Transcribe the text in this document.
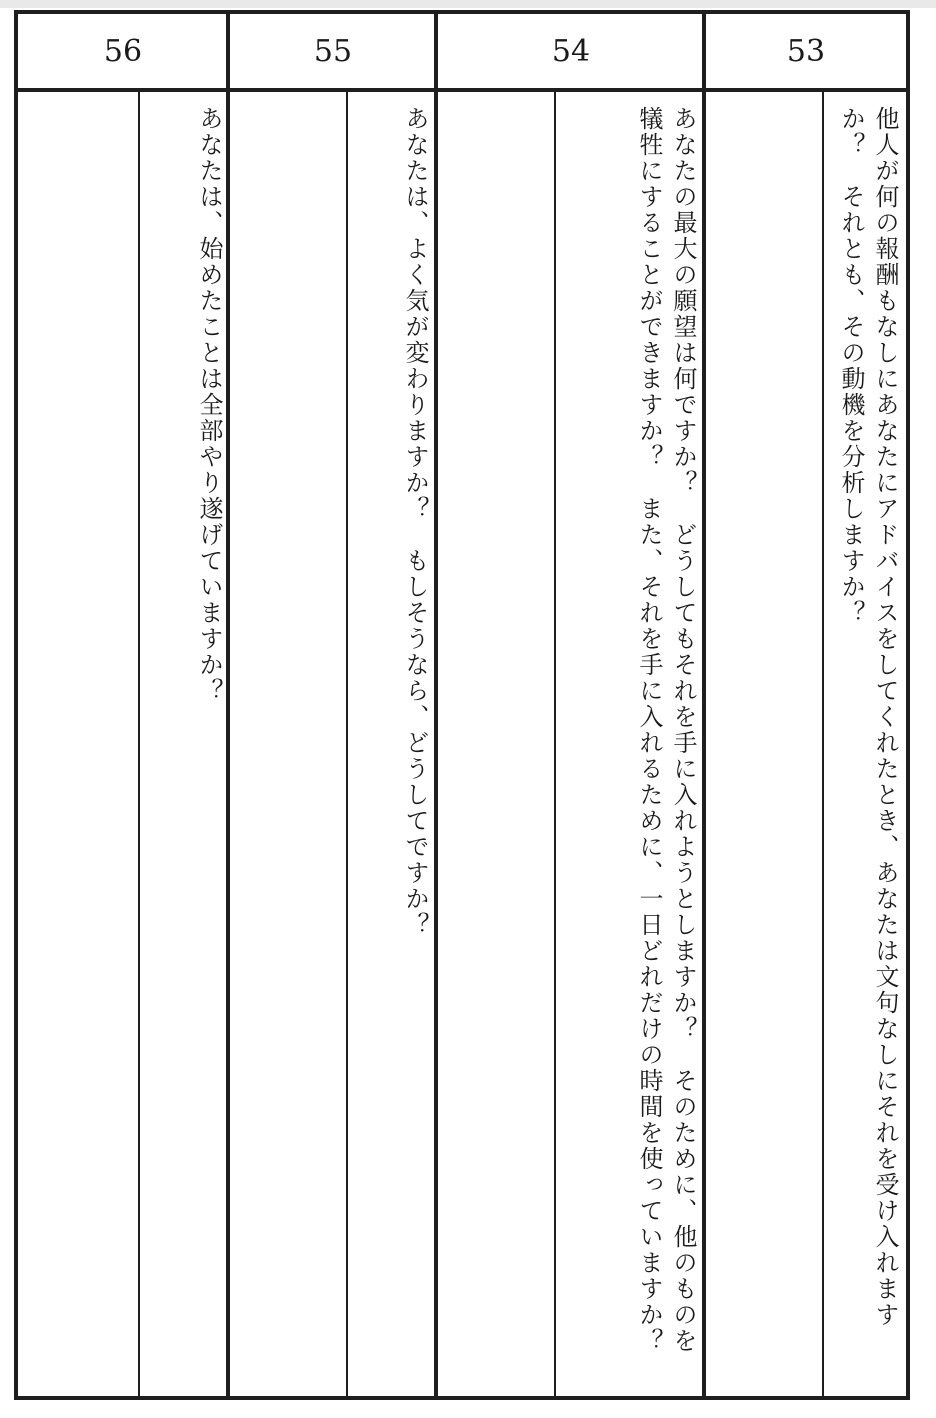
56
あなたは、始めたことは全部やり遂げていますか？
55
あなたは、よく気が変わりますか？　もしそうなら、どうしてですか？
54
あなたの最大の願望は何ですか？　どうしてもそれを手に入れようとしますか？　そのために、他のものを犠牲にすることができますか？　また、それを手に入れるために、一日どれだけの時間を使っていますか？
53
他人が何の報酬もなしにあなたにアドバイスをしてくれたとき、あなたは文句なしにそれを受け入れますか？　それとも、その動機を分析しますか？
